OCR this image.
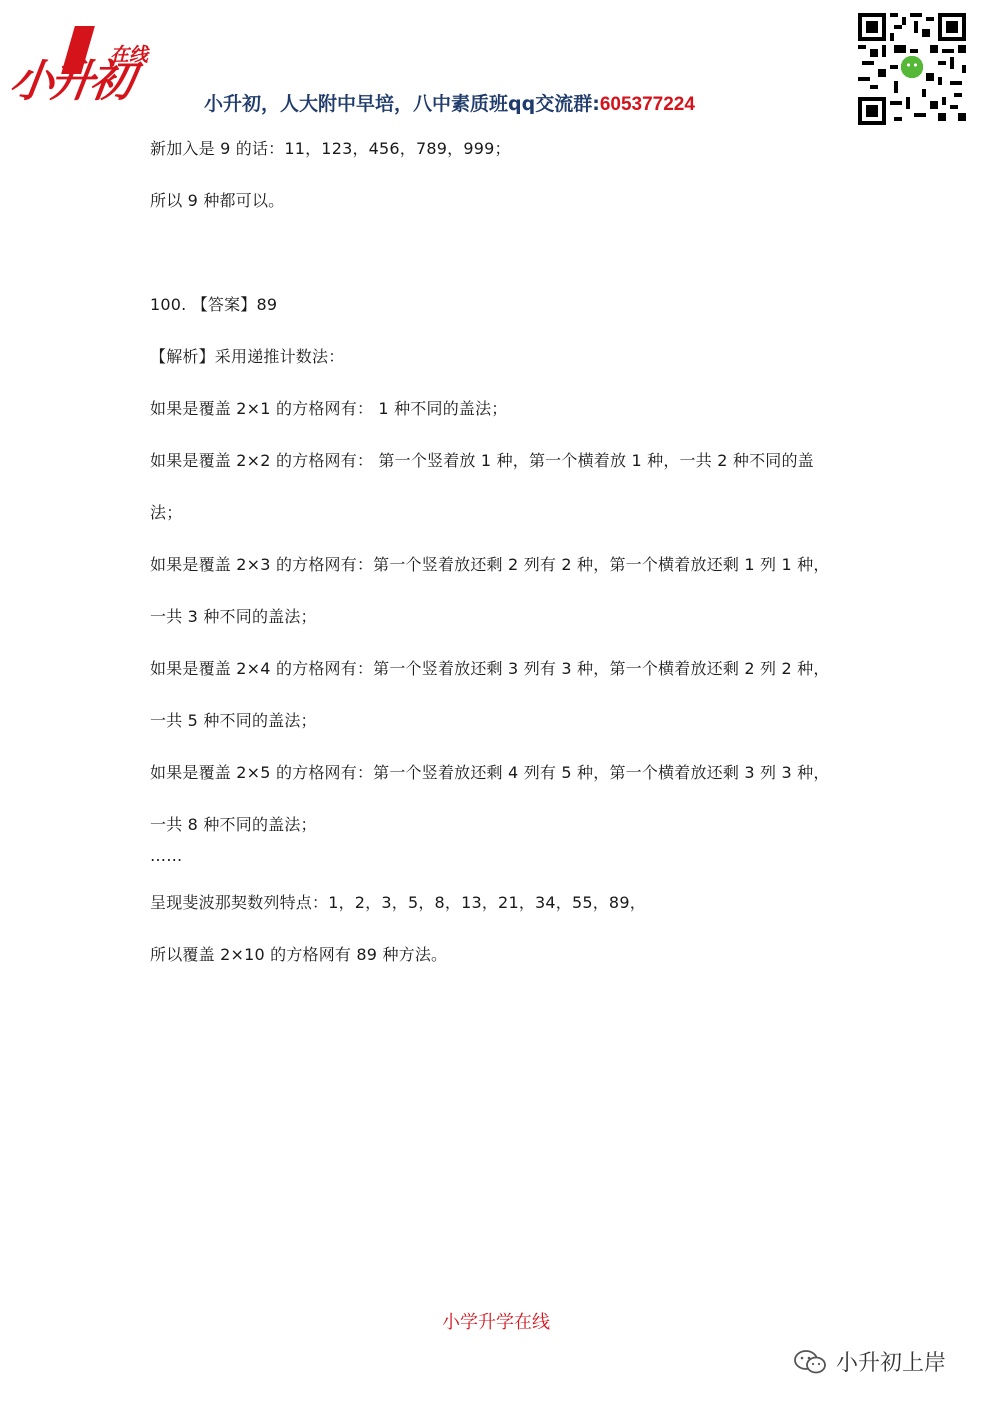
在线
小升初	小升初，人大附中早培，八中素质班qq交流群:605377224
新加入是 9 的话：11，123，456，789，999；
所以 9 种都可以。
100. 【答案】89
【解析】采用递推计数法：
如果是覆盖 2×1 的方格网有： 1 种不同的盖法；
如果是覆盖 2×2 的方格网有： 第一个竖着放 1 种，第一个横着放 1 种，一共 2 种不同的盖
法；
如果是覆盖 2×3 的方格网有：第一个竖着放还剩 2 列有 2 种，第一个横着放还剩 1 列 1 种，
一共 3 种不同的盖法；
如果是覆盖 2×4 的方格网有：第一个竖着放还剩 3 列有 3 种，第一个横着放还剩 2 列 2 种，
一共 5 种不同的盖法；
如果是覆盖 2×5 的方格网有：第一个竖着放还剩 4 列有 5 种，第一个横着放还剩 3 列 3 种，
一共 8 种不同的盖法；
……
呈现斐波那契数列特点：1，2，3，5，8，13，21，34，55，89，
所以覆盖 2×10 的方格网有 89 种方法。
小学升学在线
小升初上岸
